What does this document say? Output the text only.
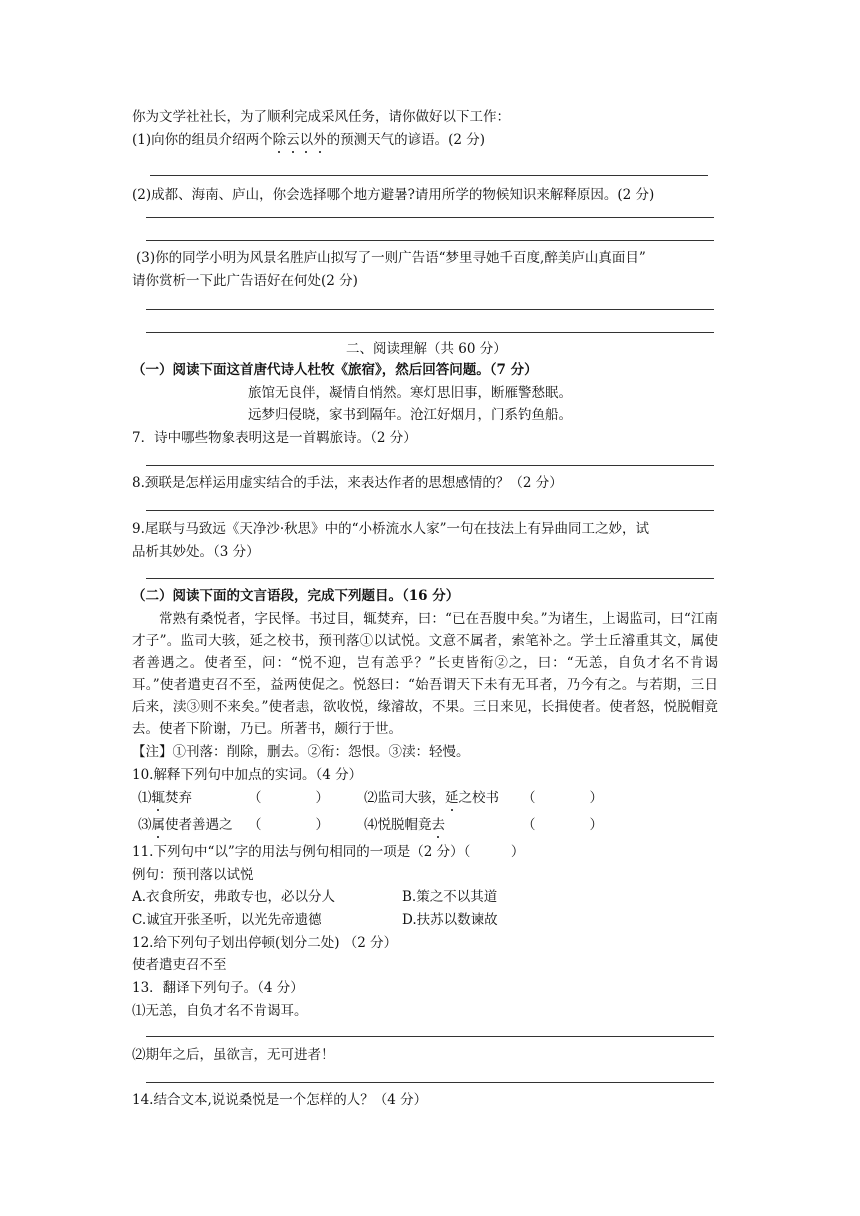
你为文学社社长，为了顺利完成采风任务，请你做好以下工作：
(1)向你的组员介绍两个除云以外的预测天气的谚语。(2 分)
(2)成都、海南、庐山，你会选择哪个地方避暑?请用所学的物候知识来解释原因。(2 分)
(3)你的同学小明为风景名胜庐山拟写了一则广告语“梦里寻她千百度,醉美庐山真面目”
请你赏析一下此广告语好在何处(2 分)
二、阅读理解（共 60 分）
（一）阅读下面这首唐代诗人杜牧《旅宿》，然后回答问题。（7 分）
旅馆无良伴，凝情自悄然。寒灯思旧事，断雁警愁眠。
远梦归侵晓，家书到隔年。沧江好烟月，门系钓鱼船。
7．诗中哪些物象表明这是一首羁旅诗。（2 分）
8.颈联是怎样运用虚实结合的手法，来表达作者的思想感情的？（2 分）
9.尾联与马致远《天净沙·秋思》中的“小桥流水人家”一句在技法上有异曲同工之妙，试
品析其妙处。（3 分）
（二）阅读下面的文言语段，完成下列题目。（16 分）

常熟有桑悦者，字民怿。书过目，辄焚弃，曰：“已在吾腹中矣。”为诸生，上谒监司，曰“江南才子”。监司大骇，延之校书，预刊落①以试悦。文意不属者，索笔补之。学士丘濬重其文，属使者善遇之。使者至，问：“悦不迎，岂有恙乎？”长吏皆衔②之，曰：“无恙，自负才名不肯谒耳。”使者遣吏召不至，益两使促之。悦怒曰：“始吾谓天下未有无耳者，乃今有之。与若期，三日后来，渎③则不来矣。”使者恚，欲收悦，缘濬故，不果。三日来见，长揖使者。使者怒，悦脱帽竟去。使者下阶谢，乃已。所著书，颇行于世。

【注】①刊落：削除，删去。②衔：怨恨。③渎：轻慢。
10.解释下列句中加点的实词。（4 分）
⑴辄焚弃	（　　　　）	⑵监司大骇，延之校书 （　　　　）
⑶属使者善遇之 （　　　　）	⑷悦脱帽竟去	（　　　　）
11.下列句中“以”字的用法与例句相同的一项是（2 分）（　　　）
例句：预刊落以试悦
A.衣食所安，弗敢专也，必以分人	B.策之不以其道
C.诚宜开张圣听，以光先帝遗德	D.扶苏以数谏故
12.给下列句子划出停顿(划分二处) （2 分）
使者遣吏召不至
13．翻译下列句子。（4 分）
⑴无恙，自负才名不肯谒耳。
⑵期年之后，虽欲言，无可进者！
14.结合文本,说说桑悦是一个怎样的人？（4 分）
